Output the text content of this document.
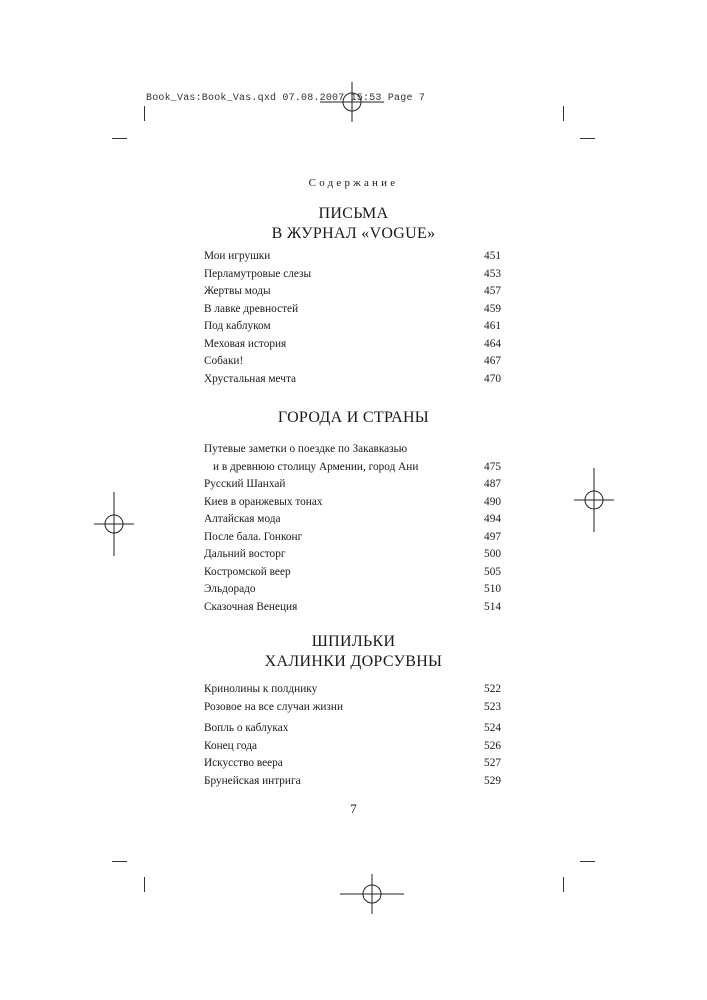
Book_Vas:Book_Vas.qxd 07.08.2007 15:53 Page 7
Содержание
ПИСЬМА
В ЖУРНАЛ «VOGUE»
Мои игрушки	451
Перламутровые слезы	453
Жертвы моды	457
В лавке древностей	459
Под каблуком	461
Меховая история	464
Собаки!	467
Хрустальная мечта	470
ГОРОДА И СТРАНЫ
Путевые заметки о поездке по Закавказью
и в древнюю столицу Армении, город Ани	475
Русский Шанхай	487
Киев в оранжевых тонах	490
Алтайская мода	494
После бала. Гонконг	497
Дальний восторг	500
Костромской веер	505
Эльдорадо	510
Сказочная Венеция	514
ШПИЛЬКИ
ХАЛИНКИ ДОРСУВНЫ
Кринолины к полднику	522
Розовое на все случаи жизни	523
Вопль о каблуках	524
Конец года	526
Искусство веера	527
Брунейская интрига	529
7
